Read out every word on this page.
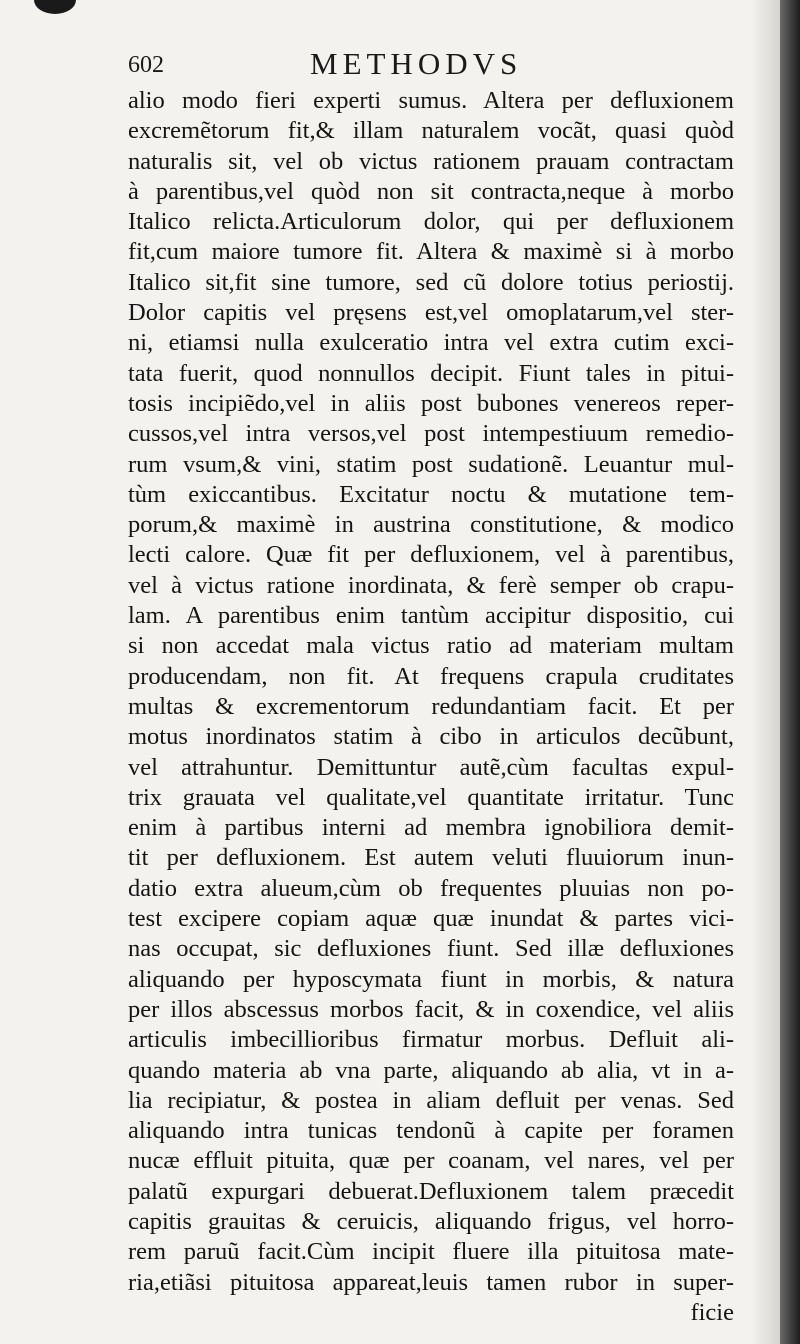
602	METHODVS
alio modo fieri experti sumus. Altera per defluxionem
excremẽtorum fit,& illam naturalem vocãt, quasi quòd
naturalis sit, vel ob victus rationem prauam contractam
à parentibus,vel quòd non sit contracta,neque à morbo
Italico relicta.Articulorum dolor, qui per defluxionem
fit,cum maiore tumore fit. Altera & maximè si à morbo
Italico sit,fit sine tumore, sed cũ dolore totius periostij.
Dolor capitis vel pręsens est,vel omoplatarum,vel ster-
ni, etiamsi nulla exulceratio intra vel extra cutim exci-
tata fuerit, quod nonnullos decipit. Fiunt tales in pitui-
tosis incipiẽdo,vel in aliis post bubones venereos reper-
cussos,vel intra versos,vel post intempestiuum remedio-
rum vsum,& vini, statim post sudationẽ. Leuantur mul-
tùm exiccantibus. Excitatur noctu & mutatione tem-
porum,& maximè in austrina constitutione, & modico
lecti calore. Quæ fit per defluxionem, vel à parentibus,
vel à victus ratione inordinata, & ferè semper ob crapu-
lam. A parentibus enim tantùm accipitur dispositio, cui
si non accedat mala victus ratio ad materiam multam
producendam, non fit. At frequens crapula cruditates
multas & excrementorum redundantiam facit. Et per
motus inordinatos statim à cibo in articulos decũbunt,
vel attrahuntur. Demittuntur autẽ,cùm facultas expul-
trix grauata vel qualitate,vel quantitate irritatur. Tunc
enim à partibus interni ad membra ignobiliora demit-
tit per defluxionem. Est autem veluti fluuiorum inun-
datio extra alueum,cùm ob frequentes pluuias non po-
test excipere copiam aquæ quæ inundat & partes vici-
nas occupat, sic defluxiones fiunt. Sed illæ defluxiones
aliquando per hyposcymata fiunt in morbis, & natura
per illos abscessus morbos facit, & in coxendice, vel aliis
articulis imbecillioribus firmatur morbus. Defluit ali-
quando materia ab vna parte, aliquando ab alia, vt in a-
lia recipiatur, & postea in aliam defluit per venas. Sed
aliquando intra tunicas tendonũ à capite per foramen
nucæ effluit pituita, quæ per coanam, vel nares, vel per
palatũ expurgari debuerat.Defluxionem talem præcedit
capitis grauitas & ceruicis, aliquando frigus, vel horro-
rem paruũ facit.Cùm incipit fluere illa pituitosa mate-
ria,etiãsi pituitosa appareat,leuis tamen rubor in super-
ficie
